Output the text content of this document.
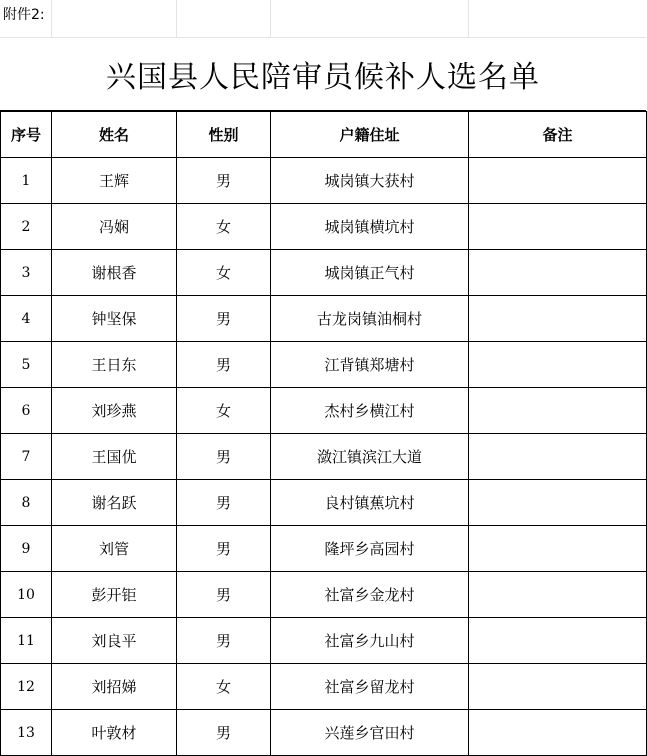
附件2:				
兴国县人民陪审员候补人选名单
序号	姓名	性别	户籍住址	备注
1	王辉	男	城岗镇大获村	
2	冯娴	女	城岗镇横坑村	
3	谢根香	女	城岗镇正气村	
4	钟坚保	男	古龙岗镇油桐村	
5	王日东	男	江背镇郑塘村	
6	刘珍燕	女	杰村乡横江村	
7	王国优	男	潋江镇滨江大道	
8	谢名跃	男	良村镇蕉坑村	
9	刘管	男	隆坪乡高园村	
10	彭开钜	男	社富乡金龙村	
11	刘良平	男	社富乡九山村	
12	刘招娣	女	社富乡留龙村	
13	叶敦材	男	兴莲乡官田村	
